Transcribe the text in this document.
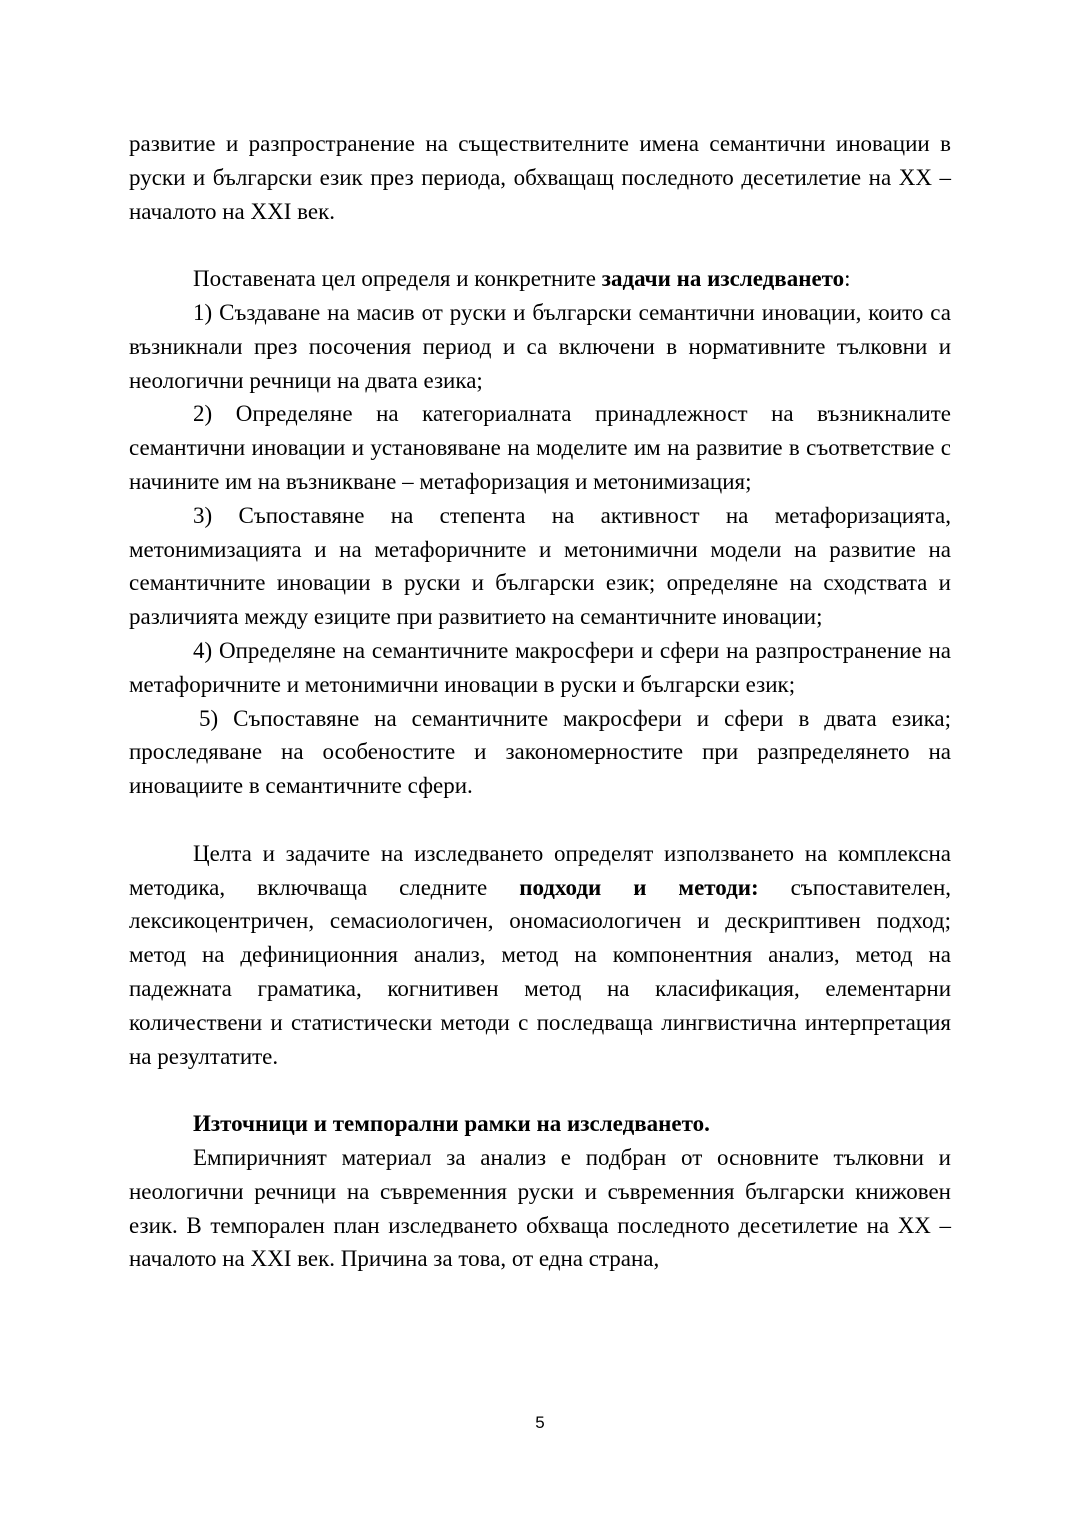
развитие и разпространение на съществителните имена семантични иновации в руски и български език през периода, обхващащ последното десетилетие на XX – началото на XXI век.

Поставената цел определя и конкретните задачи на изследването:

1) Създаване на масив от руски и български семантични иновации, които са възникнали през посочения период и са включени в нормативните тълковни и неологични речници на двата езика;

2) Определяне на категориалната принадлежност на възникналите семантични иновации и установяване на моделите им на развитие в съответствие с начините им на възникване – метафоризация и метонимизация;

3) Съпоставяне на степента на активност на метафоризацията, метонимизацията и на метафоричните и метонимични модели на развитие на семантичните иновации в руски и български език; определяне на сходствата и различията между езиците при развитието на семантичните иновации;

4) Определяне на семантичните макросфери и сфери на разпространение на метафоричните и метонимични иновации в руски и български език;

5) Съпоставяне на семантичните макросфери и сфери в двата езика; проследяване на особеностите и закономерностите при разпределянето на иновациите в семантичните сфери.

Целта и задачите на изследването определят използването на комплексна методика, включваща следните подходи и методи: съпоставителен, лексикоцентричен, семасиологичен, ономасиологичен и дескриптивен подход; метод на дефиниционния анализ, метод на компонентния анализ, метод на падежната граматика, когнитивен метод на класификация, елементарни количествени и статистически методи с последваща лингвистична интерпретация на резултатите.

Източници и темпорални рамки на изследването.

Емпиричният материал за анализ е подбран от основните тълковни и неологични речници на съвременния руски и съвременния български книжовен език. В темпорален план изследването обхваща последното десетилетие на XX – началото на XXI век. Причина за това, от една страна,

5
